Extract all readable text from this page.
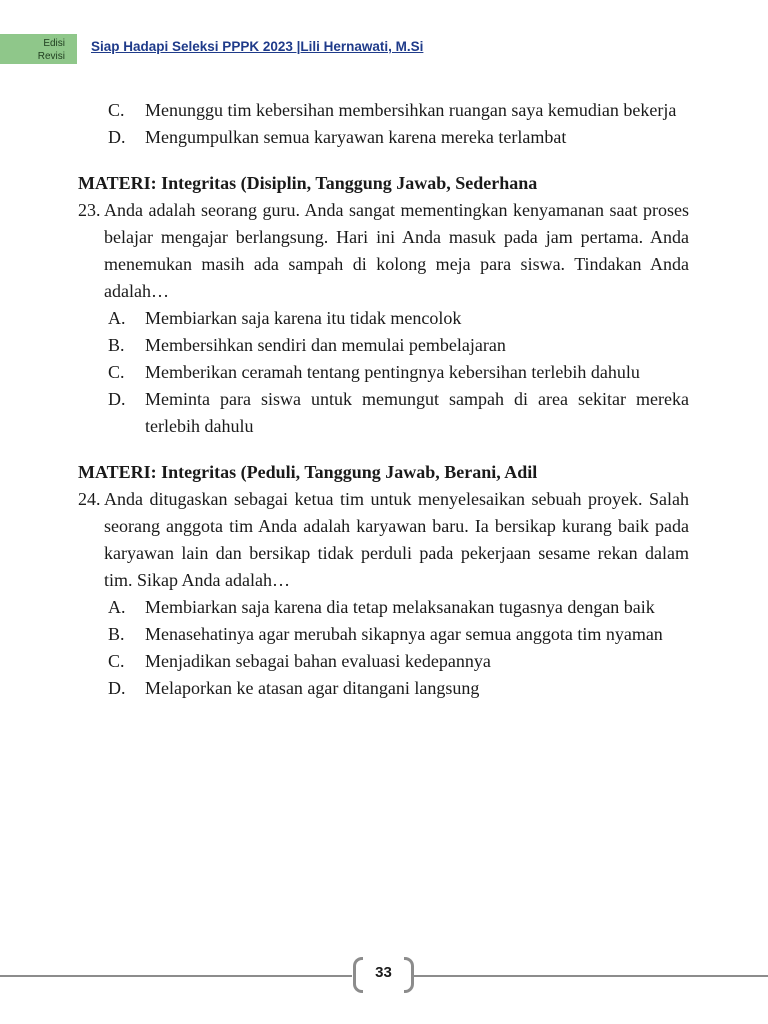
Edisi
Revisi
Siap Hadapi Seleksi PPPK 2023 |Lili Hernawati, M.Si
C.	Menunggu tim kebersihan membersihkan ruangan saya kemudian bekerja
D.	Mengumpulkan semua karyawan karena mereka terlambat
MATERI: Integritas (Disiplin, Tanggung Jawab, Sederhana
23. Anda adalah seorang guru. Anda sangat mementingkan kenyamanan saat proses belajar mengajar berlangsung. Hari ini Anda masuk pada jam pertama. Anda menemukan masih ada sampah di kolong meja para siswa. Tindakan Anda adalah…
A.	Membiarkan saja karena itu tidak mencolok
B.	Membersihkan sendiri dan memulai pembelajaran
C.	Memberikan ceramah tentang pentingnya kebersihan terlebih dahulu
D.	Meminta para siswa untuk memungut sampah di area sekitar mereka terlebih dahulu
MATERI: Integritas (Peduli, Tanggung Jawab, Berani, Adil
24. Anda ditugaskan sebagai ketua tim untuk menyelesaikan sebuah proyek. Salah seorang anggota tim Anda adalah karyawan baru. Ia bersikap kurang baik pada karyawan lain dan bersikap tidak perduli pada pekerjaan sesame rekan dalam tim. Sikap Anda adalah…
A.	Membiarkan saja karena dia tetap melaksanakan tugasnya dengan baik
B.	Menasehatinya agar merubah sikapnya agar semua anggota tim nyaman
C.	Menjadikan sebagai bahan evaluasi kedepannya
D.	Melaporkan ke atasan agar ditangani langsung
33
